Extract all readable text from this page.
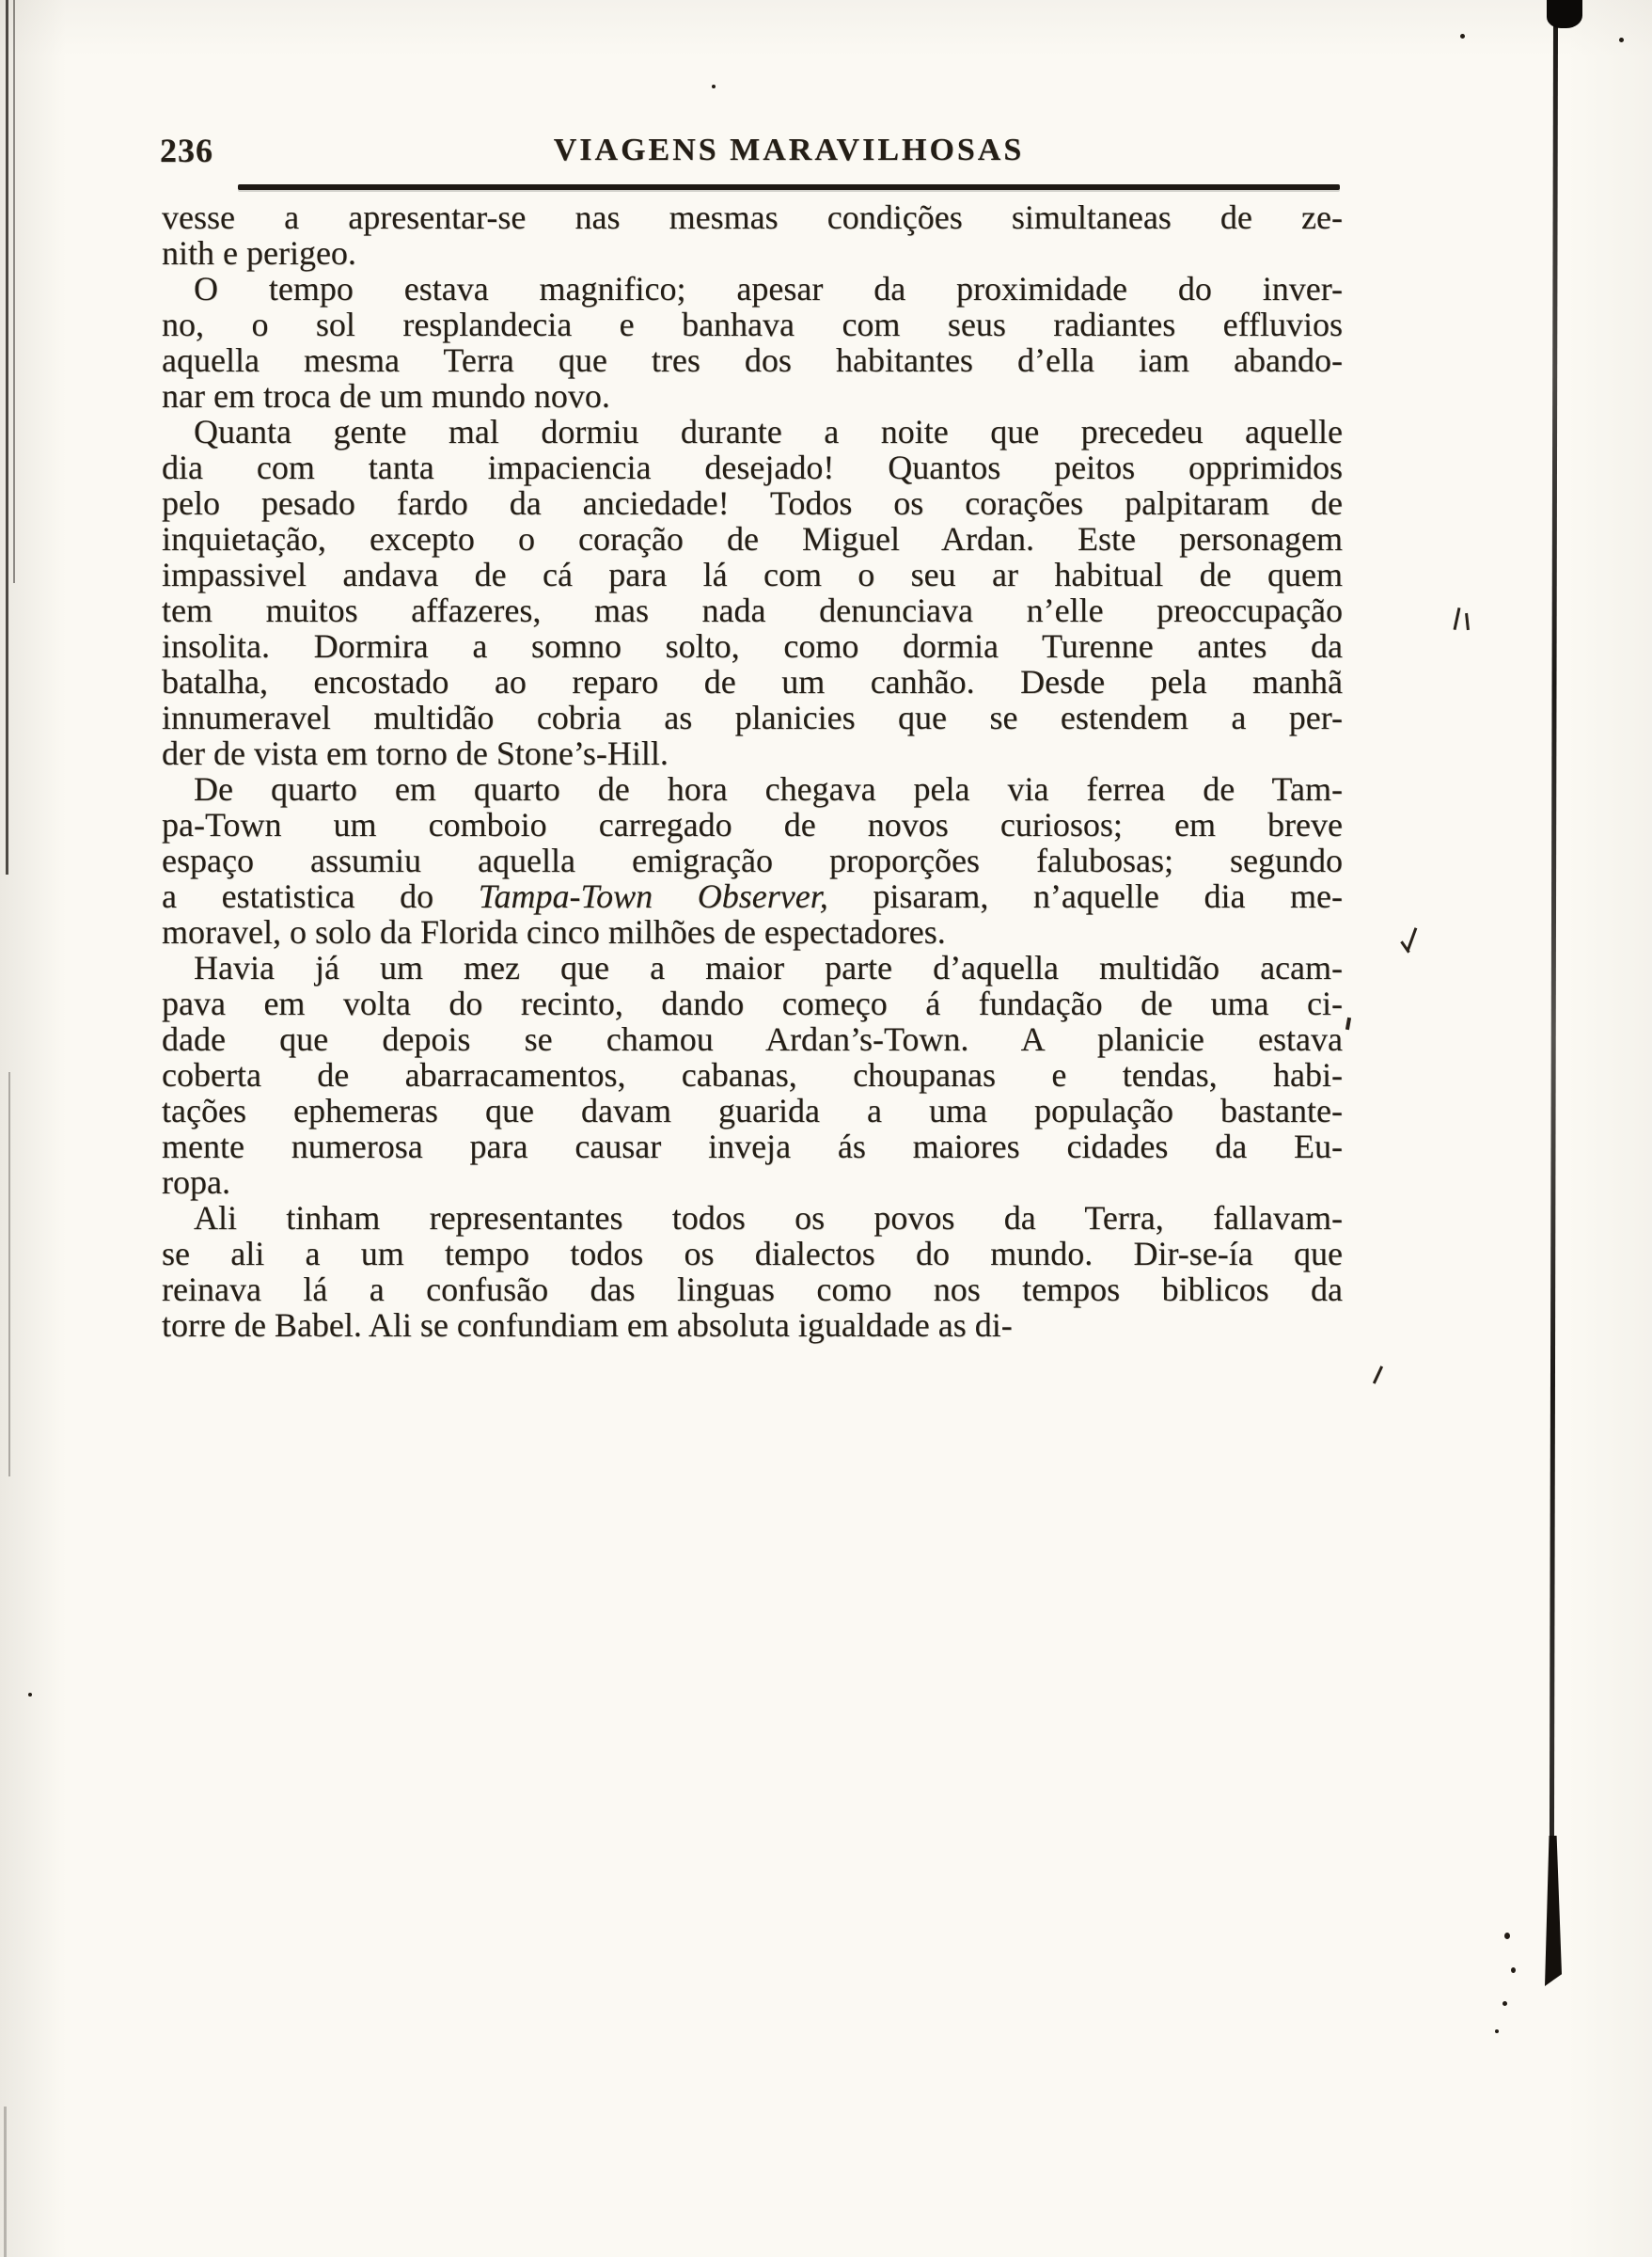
236	VIAGENS MARAVILHOSAS
vesse a apresentar-se nas mesmas condições simultaneas de ze-
nith e perigeo.
O tempo estava magnifico; apesar da proximidade do inver-
no, o sol resplandecia e banhava com seus radiantes effluvios
aquella mesma Terra que tres dos habitantes d’ella iam abando-
nar em troca de um mundo novo.
Quanta gente mal dormiu durante a noite que precedeu aquelle
dia com tanta impaciencia desejado! Quantos peitos opprimidos
pelo pesado fardo da anciedade! Todos os corações palpitaram de
inquietação, excepto o coração de Miguel Ardan. Este personagem
impassivel andava de cá para lá com o seu ar habitual de quem
tem muitos affazeres, mas nada denunciava n’elle preoccupação
insolita. Dormira a somno solto, como dormia Turenne antes da
batalha, encostado ao reparo de um canhão. Desde pela manhã
innumeravel multidão cobria as planicies que se estendem a per-
der de vista em torno de Stone’s-Hill.
De quarto em quarto de hora chegava pela via ferrea de Tam-
pa-Town um comboio carregado de novos curiosos; em breve
espaço assumiu aquella emigração proporções falubosas; segundo
a estatistica do Tampa-Town Observer, pisaram, n’aquelle dia me-
moravel, o solo da Florida cinco milhões de espectadores.
Havia já um mez que a maior parte d’aquella multidão acam-
pava em volta do recinto, dando começo á fundação de uma ci-
dade que depois se chamou Ardan’s-Town. A planicie estava
coberta de abarracamentos, cabanas, choupanas e tendas, habi-
tações ephemeras que davam guarida a uma população bastante-
mente numerosa para causar inveja ás maiores cidades da Eu-
ropa.
Ali tinham representantes todos os povos da Terra, fallavam-
se ali a um tempo todos os dialectos do mundo. Dir-se-ía que
reinava lá a confusão das linguas como nos tempos biblicos da
torre de Babel. Ali se confundiam em absoluta igualdade as di-
